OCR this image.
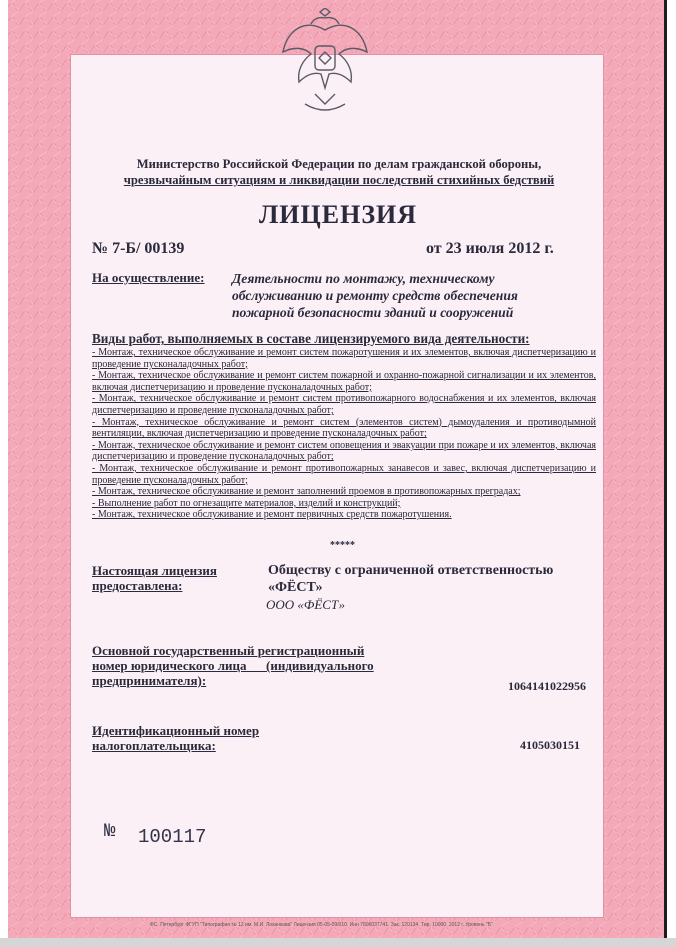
Министерство Российской Федерации по делам гражданской обороны,
чрезвычайным ситуациям и ликвидации последствий стихийных бедствий
ЛИЦЕНЗИЯ
№ 7-Б/ 00139	от 23 июля 2012 г.
На осуществление: Деятельности по монтажу, техническому обслуживанию и ремонту средств обеспечения пожарной безопасности зданий и сооружений
Виды работ, выполняемых в составе лицензируемого вида деятельности:
- Монтаж, техническое обслуживание и ремонт систем пожаротушения и их элементов, включая диспетчеризацию и проведение пусконаладочных работ;
- Монтаж, техническое обслуживание и ремонт систем пожарной и охранно-пожарной сигнализации и их элементов, включая диспетчеризацию и проведение пусконаладочных работ;
- Монтаж, техническое обслуживание и ремонт систем противопожарного водоснабжения и их элементов, включая диспетчеризацию и проведение пусконаладочных работ;
- Монтаж, техническое обслуживание и ремонт систем (элементов систем) дымоудаления и противодымной вентиляции, включая диспетчеризацию и проведение пусконаладочных работ;
- Монтаж, техническое обслуживание и ремонт систем оповещения и эвакуации при пожаре и их элементов, включая диспетчеризацию и проведение пусконаладочных работ;
- Монтаж, техническое обслуживание и ремонт противопожарных занавесов и завес, включая диспетчеризацию и проведение пусконаладочных работ;
- Монтаж, техническое обслуживание и ремонт заполнений проемов в противопожарных преградах;
- Выполнение работ по огнезащите материалов, изделий и конструкций;
- Монтаж, техническое обслуживание и ремонт первичных средств пожаротушения.
*****
Настоящая лицензия предоставлена:
Обществу с ограниченной ответственностью
«ФЁСТ»
ООО «ФЁСТ»
Основной государственный регистрационный
номер юридического лица      (индивидуального
предпринимателя):	1064141022956
Идентификационный номер
налогоплательщика:	4105030151
№ 100117
ФС. Петербург ФГУП "Типография № 12 им. М.И. Лоханкова" Лицензия 05-05-09/010. Инн 7806037741. Зак. 120134. Тир. 10000. 2012 г. Уровень "Б"
